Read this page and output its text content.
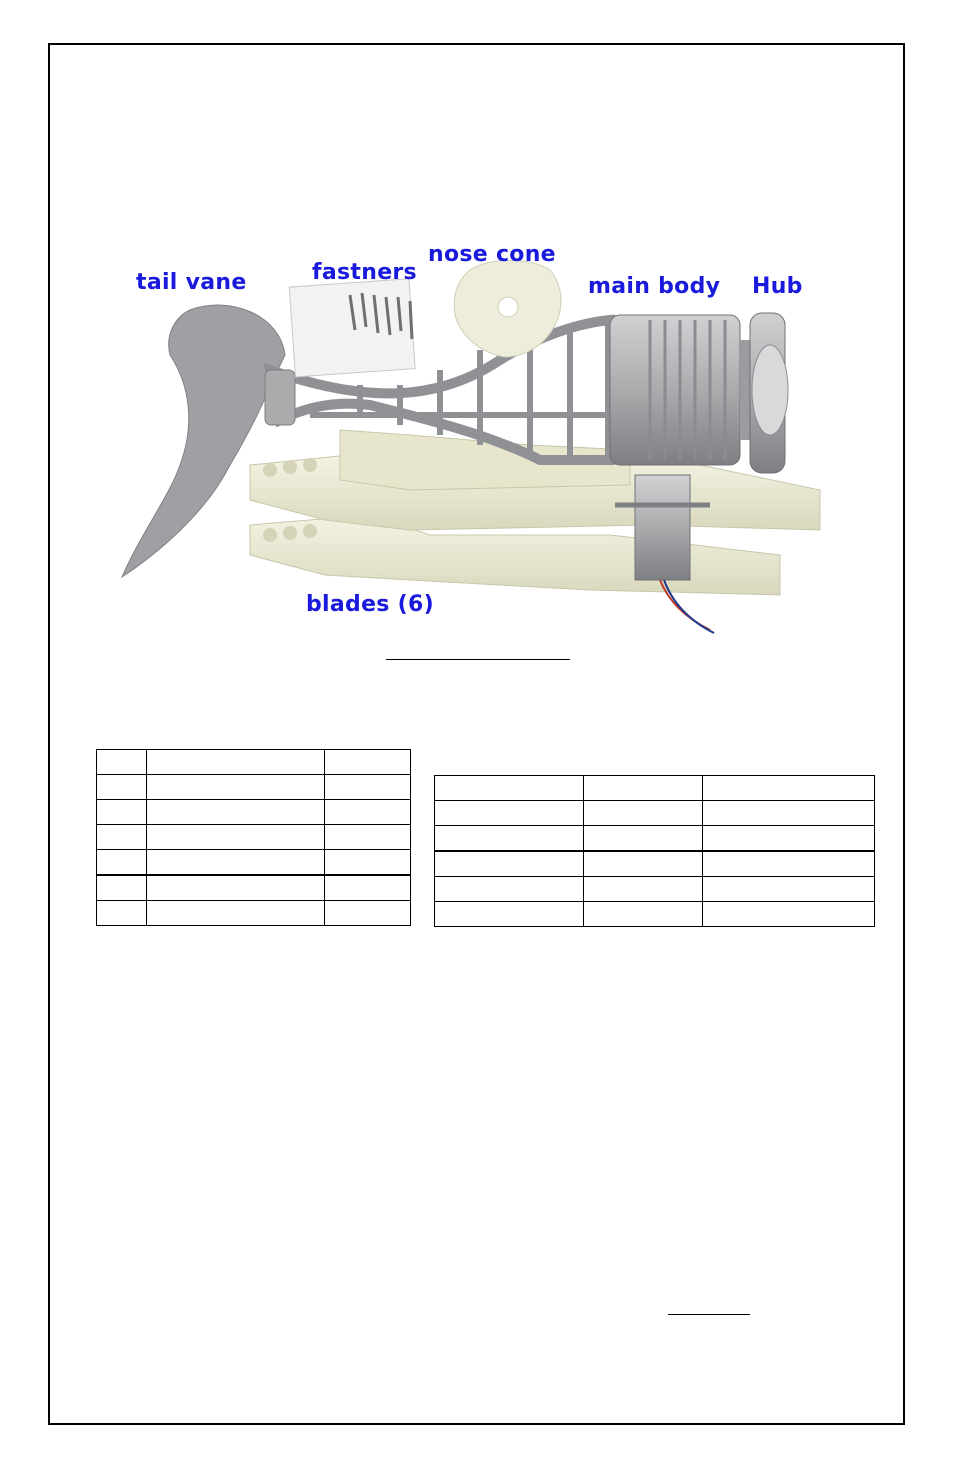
tail vane	fastners
nose cone
main body Hub
blades (6)
